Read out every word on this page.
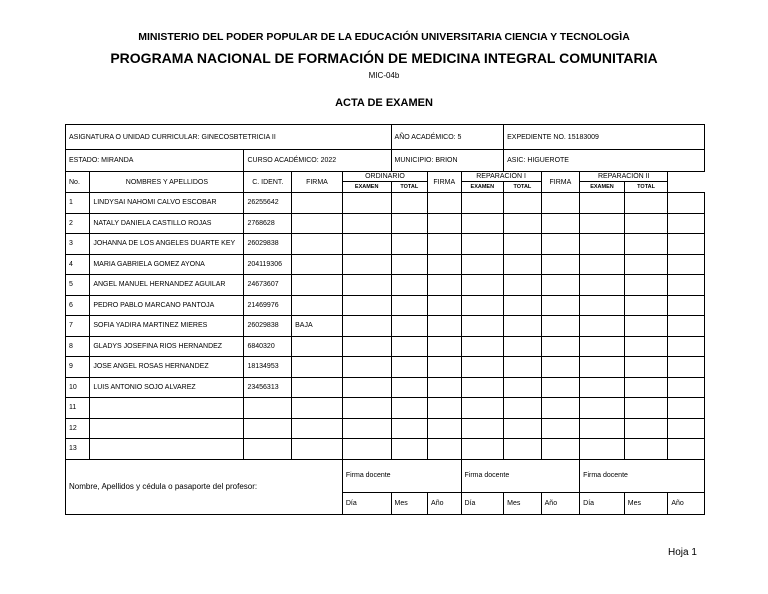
MINISTERIO DEL PODER POPULAR DE LA EDUCACIÓN UNIVERSITARIA CIENCIA Y TECNOLOGÌA
PROGRAMA NACIONAL DE FORMACIÓN DE MEDICINA INTEGRAL COMUNITARIA
MIC-04b
ACTA DE EXAMEN
ASIGNATURA O UNIDAD CURRICULAR: GINECOSBTETRICIA II					AÑO ACADÉMICO: 5			EXPEDIENTE NO. 15183009				
ESTADO: MIRANDA		CURSO ACADÉMICO: 2022			MUNICIPIO: BRION			ASIC: HIGUEROTE				
No.	NOMBRES Y APELLIDOS	C. IDENT.	FIRMA	ORDINARIO		FIRMA	REPARACIÓN I		FIRMA	REPARACIÓN II		
				EXAMEN	TOTAL		EXAMEN	TOTAL		EXAMEN	TOTAL	
1	LINDYSAI NAHOMI CALVO ESCOBAR	26255642										
2	NATALY DANIELA CASTILLO ROJAS	2768628										
3	JOHANNA DE LOS ANGELES DUARTE KEY	26029838										
4	MARIA GABRIELA GOMEZ AYONA	204119306										
5	ANGEL MANUEL HERNANDEZ AGUILAR	24673607										
6	PEDRO PABLO MARCANO PANTOJA	21469976										
7	SOFIA YADIRA MARTINEZ MIERES	26029838	BAJA									
8	GLADYS JOSEFINA RIOS HERNANDEZ	6840320										
9	JOSE ANGEL ROSAS HERNANDEZ	18134953										
10	LUIS ANTONIO SOJO ALVAREZ	23456313										
11												
12												
13												
Nombre, Apellidos y cédula o pasaporte del profesor:				Firma docente			Firma docente			Firma docente		
				Día	Mes	Año	Día	Mes	Año	Día	Mes	Año
Hoja 1
